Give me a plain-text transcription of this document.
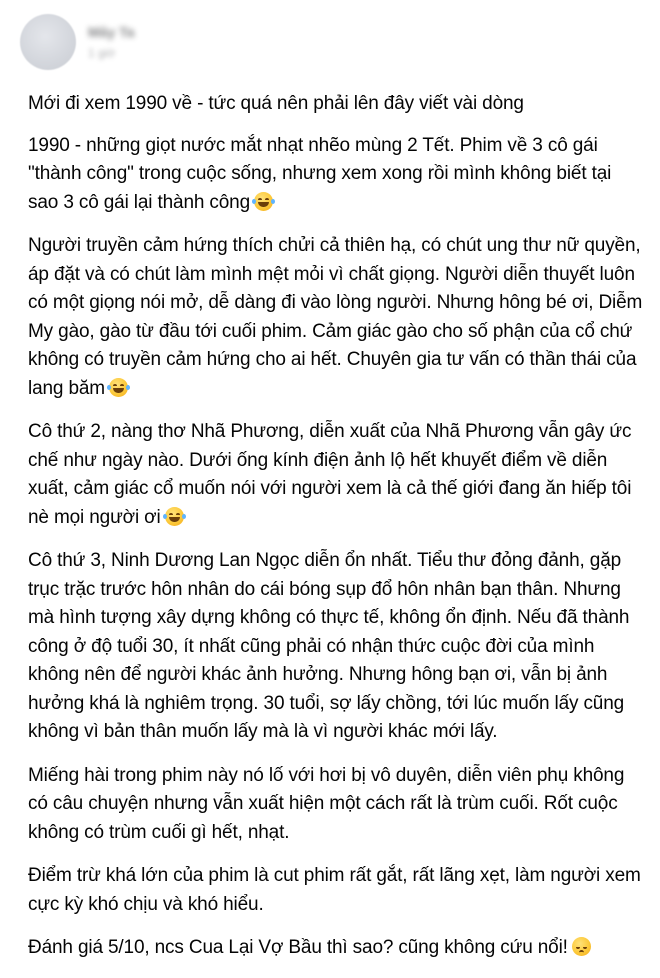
Mây Ta
1 giờ

Mới đi xem 1990 về - tức quá nên phải lên đây viết vài dòng

1990 - những giọt nước mắt nhạt nhẽo mùng 2 Tết. Phim về 3 cô gái "thành công" trong cuộc sống, nhưng xem xong rồi mình không biết tại sao 3 cô gái lại thành công

Người truyền cảm hứng thích chửi cả thiên hạ, có chút ung thư nữ quyền, áp đặt và có chút làm mình mệt mỏi vì chất giọng. Người diễn thuyết luôn có một giọng nói mở, dễ dàng đi vào lòng người. Nhưng hông bé ơi, Diễm My gào, gào từ đầu tới cuối phim. Cảm giác gào cho số phận của cổ chứ không có truyền cảm hứng cho ai hết. Chuyên gia tư vấn có thần thái của lang băm

Cô thứ 2, nàng thơ Nhã Phương, diễn xuất của Nhã Phương vẫn gây ức chế như ngày nào. Dưới ống kính điện ảnh lộ hết khuyết điểm về diễn xuất, cảm giác cổ muốn nói với người xem là cả thế giới đang ăn hiếp tôi nè mọi người ơi

Cô thứ 3, Ninh Dương Lan Ngọc diễn ổn nhất. Tiểu thư đỏng đảnh, gặp trục trặc trước hôn nhân do cái bóng sụp đổ hôn nhân bạn thân. Nhưng mà hình tượng xây dựng không có thực tế, không ổn định. Nếu đã thành công ở độ tuổi 30, ít nhất cũng phải có nhận thức cuộc đời của mình không nên để người khác ảnh hưởng. Nhưng hông bạn ơi, vẫn bị ảnh hưởng khá là nghiêm trọng. 30 tuổi, sợ lấy chồng, tới lúc muốn lấy cũng không vì bản thân muốn lấy mà là vì người khác mới lấy.

Miếng hài trong phim này nó lố với hơi bị vô duyên, diễn viên phụ không có câu chuyện nhưng vẫn xuất hiện một cách rất là trùm cuối. Rốt cuộc không có trùm cuối gì hết, nhạt.

Điểm trừ khá lớn của phim là cut phim rất gắt, rất lãng xẹt, làm người xem cực kỳ khó chịu và khó hiểu.

Đánh giá 5/10, ncs Cua Lại Vợ Bầu thì sao? cũng không cứu nổi!
